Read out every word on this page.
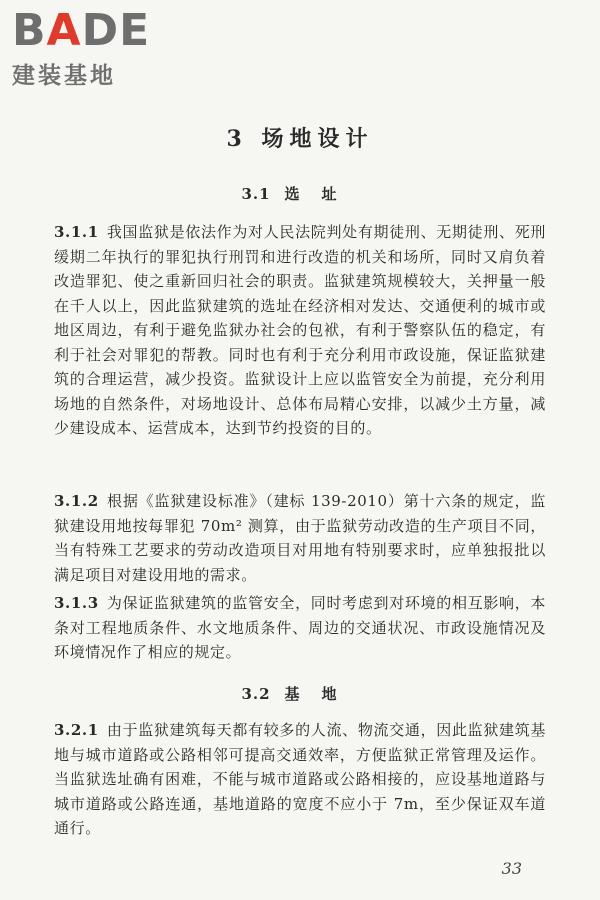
BADE
建装基地
3 场地设计
3.1 选址

3.1.1 我国监狱是依法作为对人民法院判处有期徒刑、无期徒刑、死刑缓期二年执行的罪犯执行刑罚和进行改造的机关和场所，同时又肩负着改造罪犯、使之重新回归社会的职责。监狱建筑规模较大，关押量一般在千人以上，因此监狱建筑的选址在经济相对发达、交通便利的城市或地区周边，有利于避免监狱办社会的包袱，有利于警察队伍的稳定，有利于社会对罪犯的帮教。同时也有利于充分利用市政设施，保证监狱建筑的合理运营，减少投资。监狱设计上应以监管安全为前提，充分利用场地的自然条件，对场地设计、总体布局精心安排，以减少土方量，减少建设成本、运营成本，达到节约投资的目的。

3.1.2 根据《监狱建设标准》（建标 139-2010）第十六条的规定，监狱建设用地按每罪犯 70m² 测算，由于监狱劳动改造的生产项目不同，当有特殊工艺要求的劳动改造项目对用地有特别要求时，应单独报批以满足项目对建设用地的需求。

3.1.3 为保证监狱建筑的监管安全，同时考虑到对环境的相互影响，本条对工程地质条件、水文地质条件、周边的交通状况、市政设施情况及环境情况作了相应的规定。

3.2 基地

3.2.1 由于监狱建筑每天都有较多的人流、物流交通，因此监狱建筑基地与城市道路或公路相邻可提高交通效率，方便监狱正常管理及运作。当监狱选址确有困难，不能与城市道路或公路相接的，应设基地道路与城市道路或公路连通，基地道路的宽度不应小于 7m，至少保证双车道通行。

33
